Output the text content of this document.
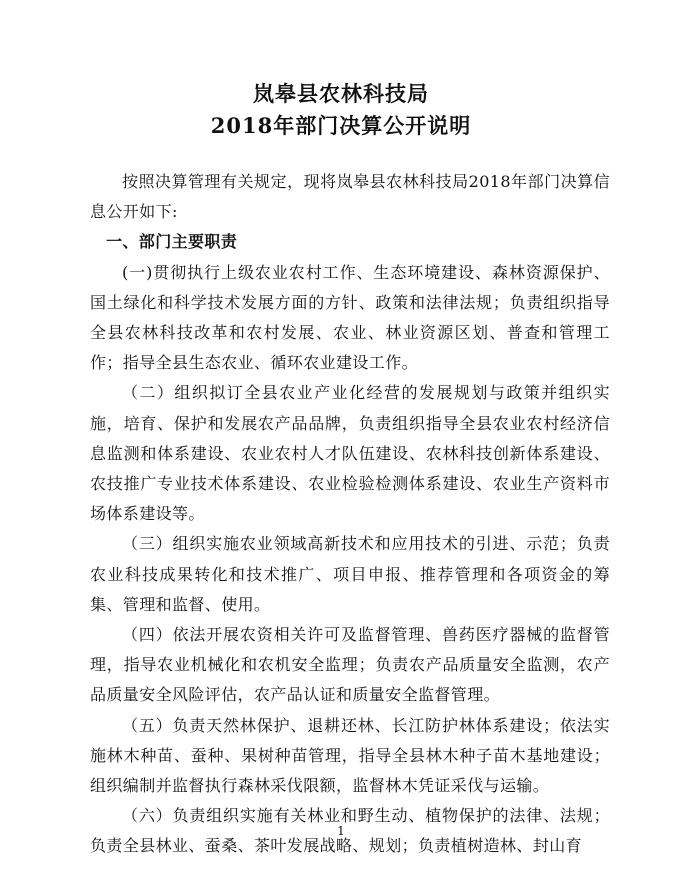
岚皋县农林科技局
2018年部门决算公开说明

按照决算管理有关规定，现将岚皋县农林科技局2018年部门决算信息公开如下:

一、部门主要职责

(一)贯彻执行上级农业农村工作、生态环境建设、森林资源保护、国土绿化和科学技术发展方面的方针、政策和法律法规；负责组织指导全县农林科技改革和农村发展、农业、林业资源区划、普查和管理工作；指导全县生态农业、循环农业建设工作。

（二）组织拟订全县农业产业化经营的发展规划与政策并组织实施，培育、保护和发展农产品品牌，负责组织指导全县农业农村经济信息监测和体系建设、农业农村人才队伍建设、农林科技创新体系建设、农技推广专业技术体系建设、农业检验检测体系建设、农业生产资料市场体系建设等。

（三）组织实施农业领域高新技术和应用技术的引进、示范；负责农业科技成果转化和技术推广、项目申报、推荐管理和各项资金的筹集、管理和监督、使用。

（四）依法开展农资相关许可及监督管理、兽药医疗器械的监督管理，指导农业机械化和农机安全监理；负责农产品质量安全监测，农产品质量安全风险评估，农产品认证和质量安全监督管理。

（五）负责天然林保护、退耕还林、长江防护林体系建设；依法实施林木种苗、蚕种、果树种苗管理，指导全县林木种子苗木基地建设；组织编制并监督执行森林采伐限额，监督林木凭证采伐与运输。

（六）负责组织实施有关林业和野生动、植物保护的法律、法规；负责全县林业、蚕桑、茶叶发展战略、规划；负责植树造林、封山育

1
